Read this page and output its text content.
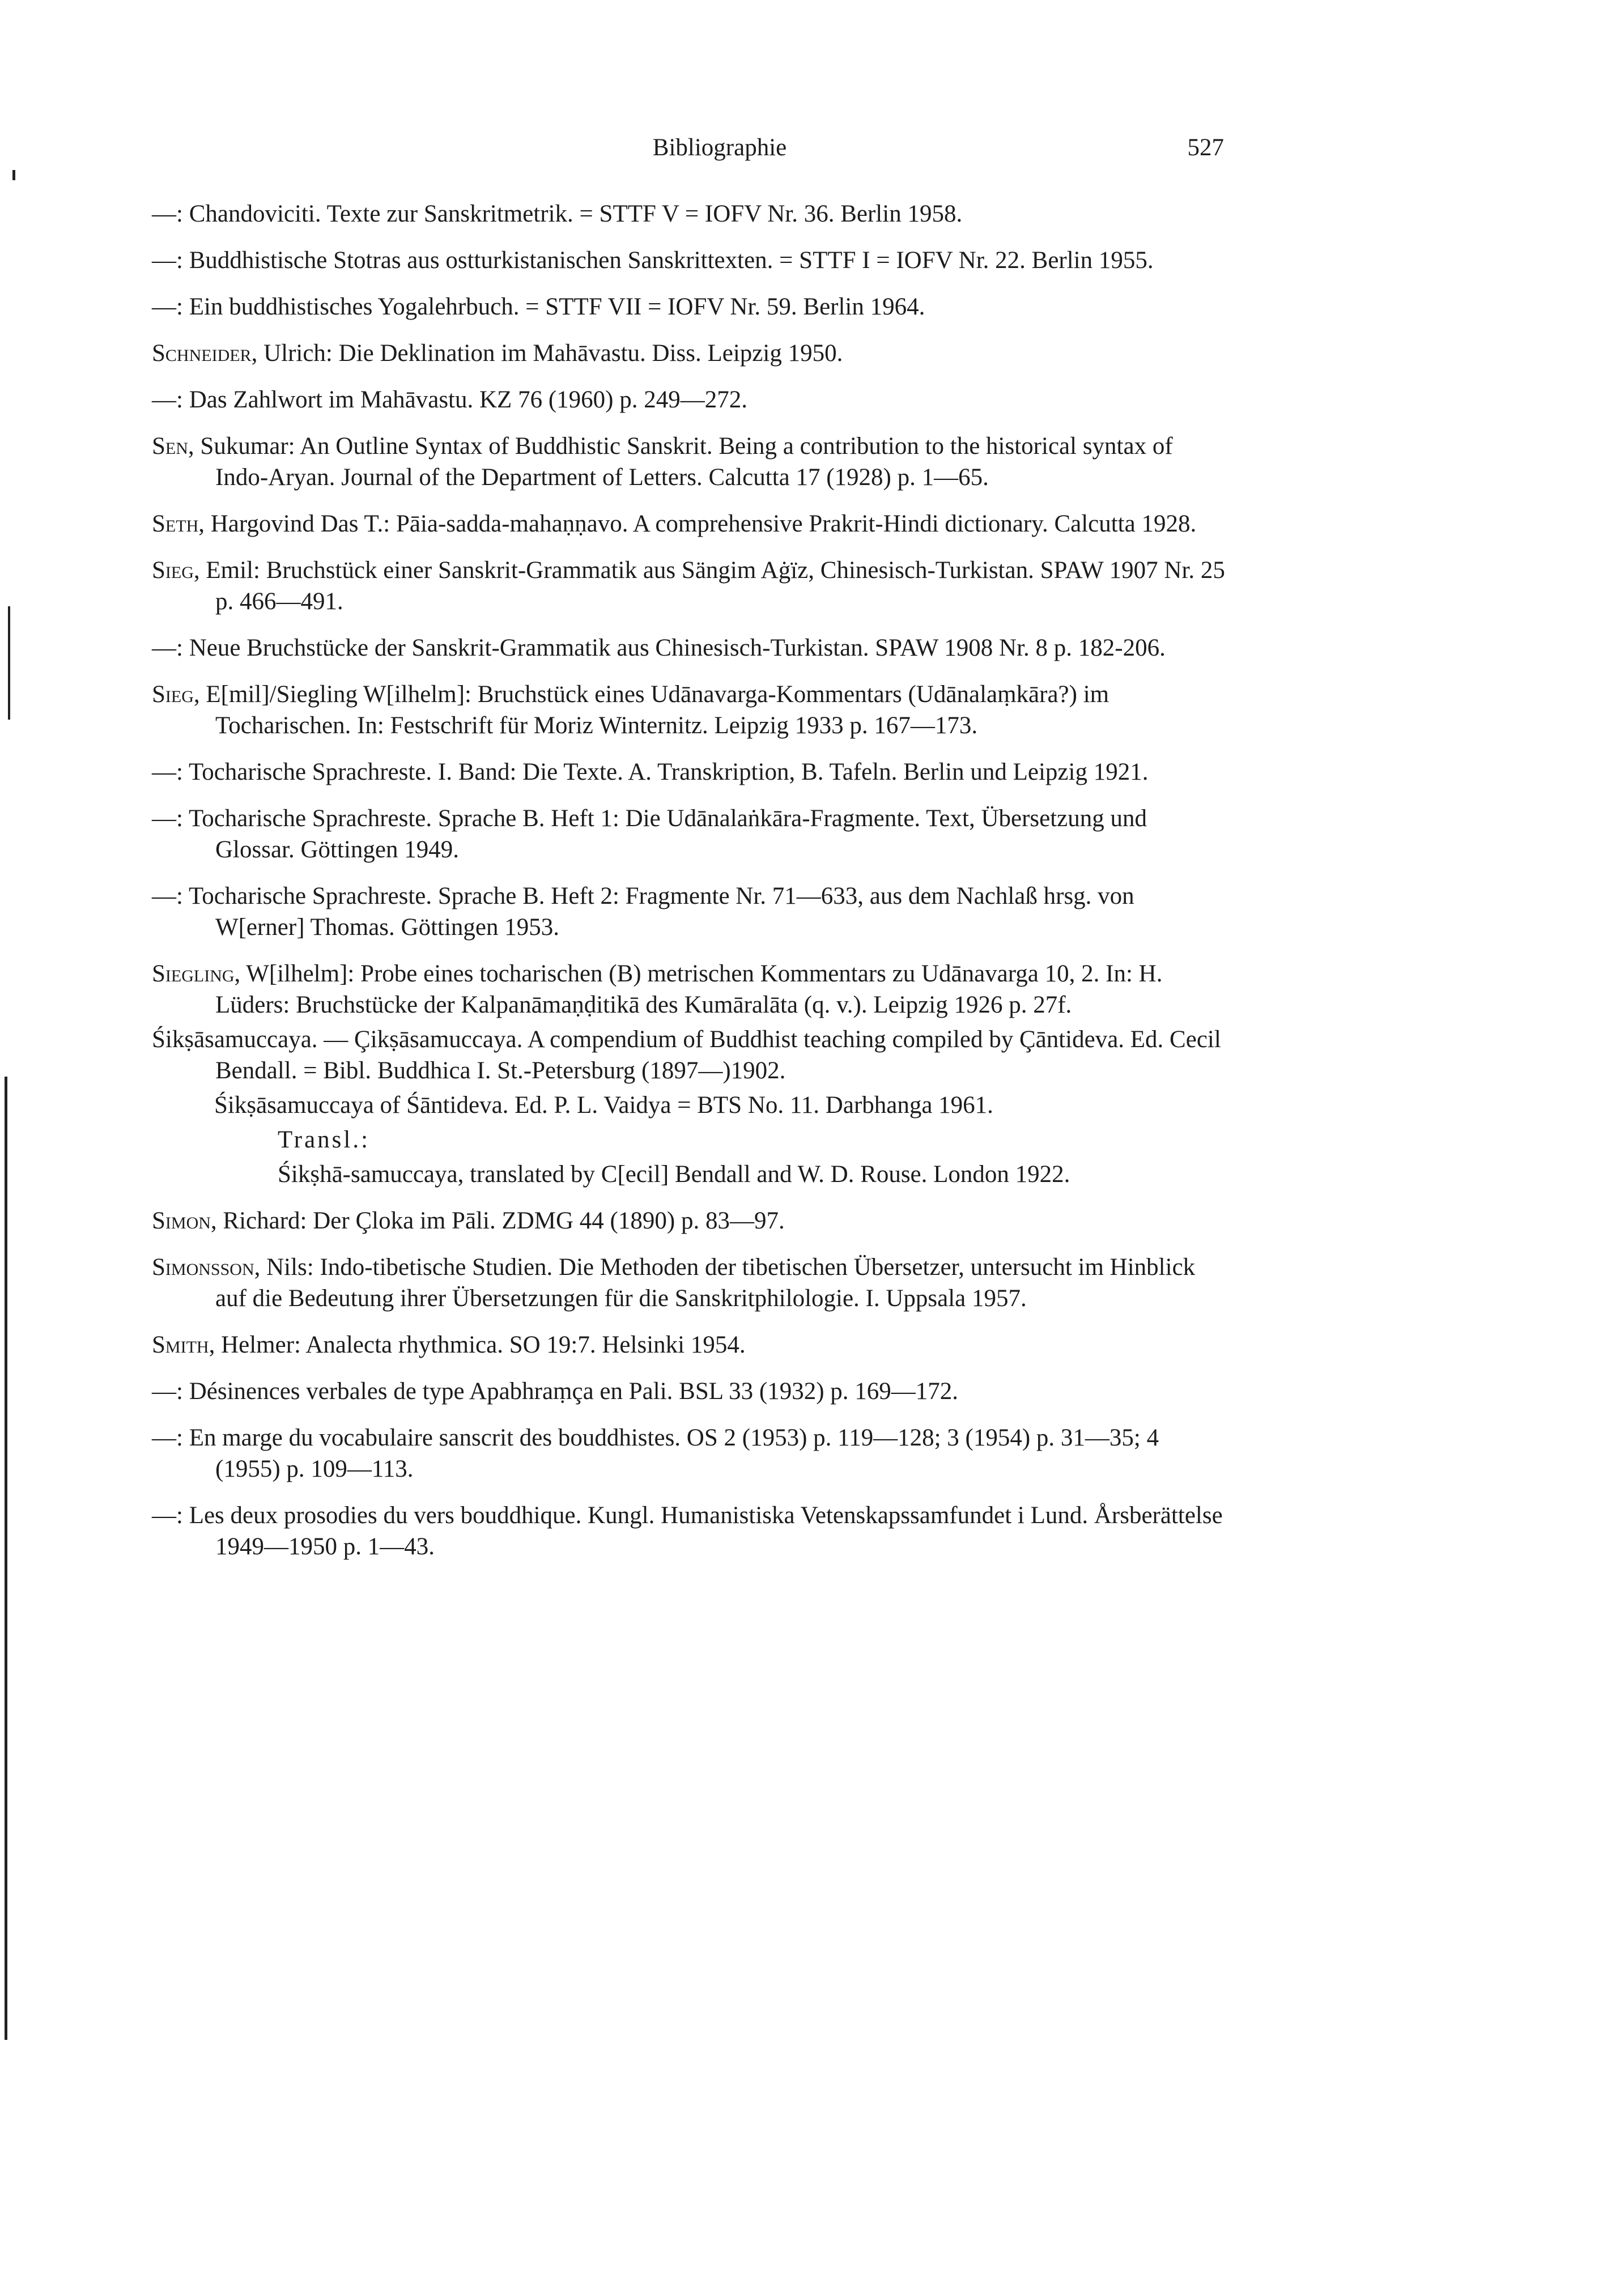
Bibliographie	527
—: Chandoviciti. Texte zur Sanskritmetrik. = STTF V = IOFV Nr. 36. Berlin 1958.
—: Buddhistische Stotras aus ostturkistanischen Sanskrittexten. = STTF I = IOFV Nr. 22. Berlin 1955.
—: Ein buddhistisches Yogalehrbuch. = STTF VII = IOFV Nr. 59. Berlin 1964.
Schneider, Ulrich: Die Deklination im Mahāvastu. Diss. Leipzig 1950.
—: Das Zahlwort im Mahāvastu. KZ 76 (1960) p. 249—272.
Sen, Sukumar: An Outline Syntax of Buddhistic Sanskrit. Being a contribution to the historical syntax of Indo-Aryan. Journal of the Department of Letters. Calcutta 17 (1928) p. 1—65.
Seth, Hargovind Das T.: Pāia-sadda-mahaṇṇavo. A comprehensive Prakrit-Hindi dictionary. Calcutta 1928.
Sieg, Emil: Bruchstück einer Sanskrit-Grammatik aus Sängim Aġïz, Chinesisch-Turkistan. SPAW 1907 Nr. 25 p. 466—491.
—: Neue Bruchstücke der Sanskrit-Grammatik aus Chinesisch-Turkistan. SPAW 1908 Nr. 8 p. 182-206.
Sieg, E[mil]/Siegling W[ilhelm]: Bruchstück eines Udānavarga-Kommentars (Udānalaṃkāra?) im Tocharischen. In: Festschrift für Moriz Winternitz. Leipzig 1933 p. 167—173.
—: Tocharische Sprachreste. I. Band: Die Texte. A. Transkription, B. Tafeln. Berlin und Leipzig 1921.
—: Tocharische Sprachreste. Sprache B. Heft 1: Die Udānalaṅkāra-Fragmente. Text, Übersetzung und Glossar. Göttingen 1949.
—: Tocharische Sprachreste. Sprache B. Heft 2: Fragmente Nr. 71—633, aus dem Nachlaß hrsg. von W[erner] Thomas. Göttingen 1953.
Siegling, W[ilhelm]: Probe eines tocharischen (B) metrischen Kommentars zu Udānavarga 10, 2. In: H. Lüders: Bruchstücke der Kalpanāmaṇḍitikā des Kumāralāta (q. v.). Leipzig 1926 p. 27f.
Śikṣāsamuccaya. — Çikṣāsamuccaya. A compendium of Buddhist teaching compiled by Çāntideva. Ed. Cecil Bendall. = Bibl. Buddhica I. St.-Petersburg (1897—)1902.
Śikṣāsamuccaya of Śāntideva. Ed. P. L. Vaidya = BTS No. 11. Darbhanga 1961.
Transl.:
Śikṣhā-samuccaya, translated by C[ecil] Bendall and W. D. Rouse. London 1922.
Simon, Richard: Der Çloka im Pāli. ZDMG 44 (1890) p. 83—97.
Simonsson, Nils: Indo-tibetische Studien. Die Methoden der tibetischen Übersetzer, untersucht im Hinblick auf die Bedeutung ihrer Übersetzungen für die Sanskritphilologie. I. Uppsala 1957.
Smith, Helmer: Analecta rhythmica. SO 19:7. Helsinki 1954.
—: Désinences verbales de type Apabhraṃça en Pali. BSL 33 (1932) p. 169—172.
—: En marge du vocabulaire sanscrit des bouddhistes. OS 2 (1953) p. 119—128; 3 (1954) p. 31—35; 4 (1955) p. 109—113.
—: Les deux prosodies du vers bouddhique. Kungl. Humanistiska Vetenskapssamfundet i Lund. Årsberättelse 1949—1950 p. 1—43.
